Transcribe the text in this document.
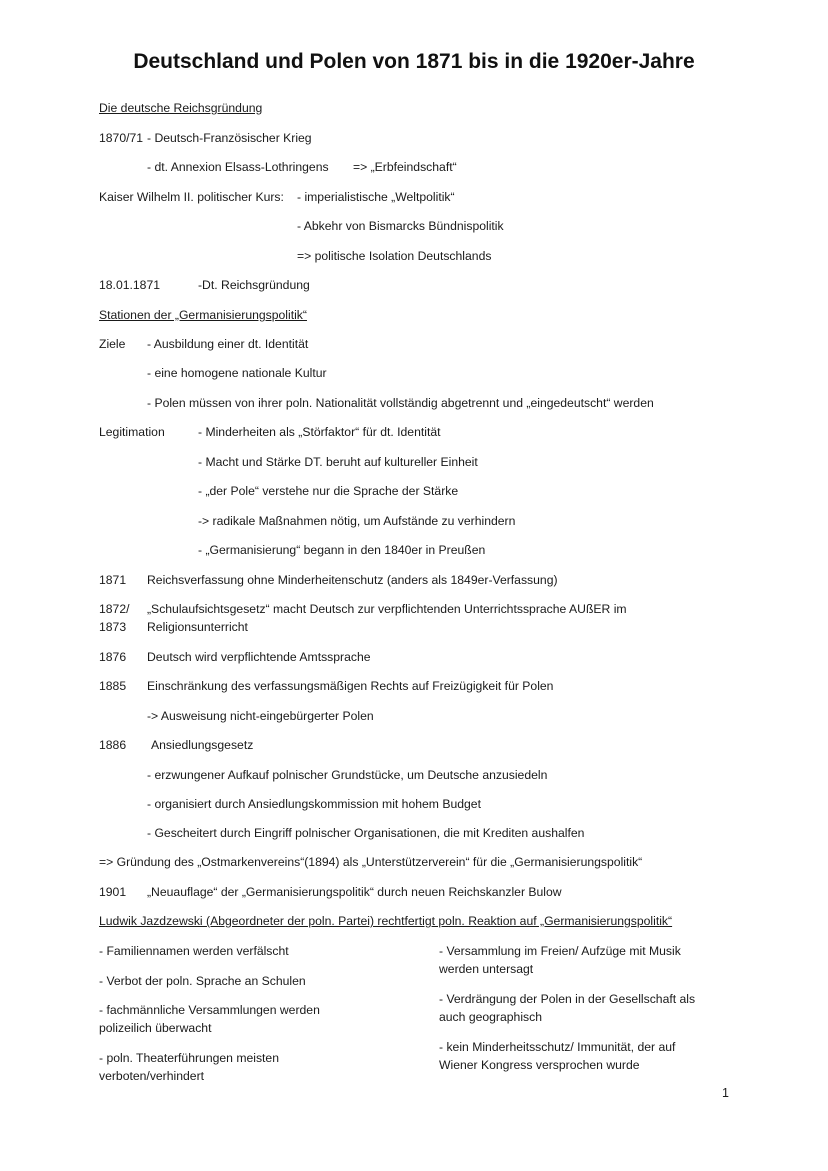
Deutschland und Polen von 1871 bis in die 1920er-Jahre
Die deutsche Reichsgründung
1870/71 - Deutsch-Französischer Krieg
- dt. Annexion Elsass-Lothringens => „Erbfeindschaft“
Kaiser Wilhelm II. politischer Kurs: - imperialistische „Weltpolitik“
- Abkehr von Bismarcks Bündnispolitik
=> politische Isolation Deutschlands
18.01.1871	-Dt. Reichsgründung
Stationen der „Germanisierungspolitik“
Ziele - Ausbildung einer dt. Identität
- eine homogene nationale Kultur
- Polen müssen von ihrer poln. Nationalität vollständig abgetrennt und „eingedeutscht“ werden
Legitimation	- Minderheiten als „Störfaktor“ für dt. Identität
- Macht und Stärke DT. beruht auf kultureller Einheit
- „der Pole“ verstehe nur die Sprache der Stärke
-> radikale Maßnahmen nötig, um Aufstände zu verhindern
- „Germanisierung“ begann in den 1840er in Preußen
1871 Reichsverfassung ohne Minderheitenschutz (anders als 1849er-Verfassung)
1872/ 1873
„Schulaufsichtsgesetz“ macht Deutsch zur verpflichtenden Unterrichtssprache AUßER im Religionsunterricht
1876 Deutsch wird verpflichtende Amtssprache
1885 Einschränkung des verfassungsmäßigen Rechts auf Freizügigkeit für Polen
-> Ausweisung nicht-eingebürgerter Polen
1886 Ansiedlungsgesetz
- erzwungener Aufkauf polnischer Grundstücke, um Deutsche anzusiedeln
- organisiert durch Ansiedlungskommission mit hohem Budget
- Gescheitert durch Eingriff polnischer Organisationen, die mit Krediten aushalfen
=> Gründung des „Ostmarkenvereins“(1894) als „Unterstützerverein“ für die „Germanisierungspolitik“
1901 „Neuauflage“ der „Germanisierungspolitik“ durch neuen Reichskanzler Bulow
Ludwik Jazdzewski (Abgeordneter der poln. Partei) rechtfertigt poln. Reaktion auf „Germanisierungspolitik“
- Familiennamen werden verfälscht
- Verbot der poln. Sprache an Schulen
- fachmännliche Versammlungen werden polizeilich überwacht
- poln. Theaterführungen meisten verboten/verhindert
- Versammlung im Freien/ Aufzüge mit Musik werden untersagt
- Verdrängung der Polen in der Gesellschaft als auch geographisch
- kein Minderheitsschutz/ Immunität, der auf Wiener Kongress versprochen wurde
1
